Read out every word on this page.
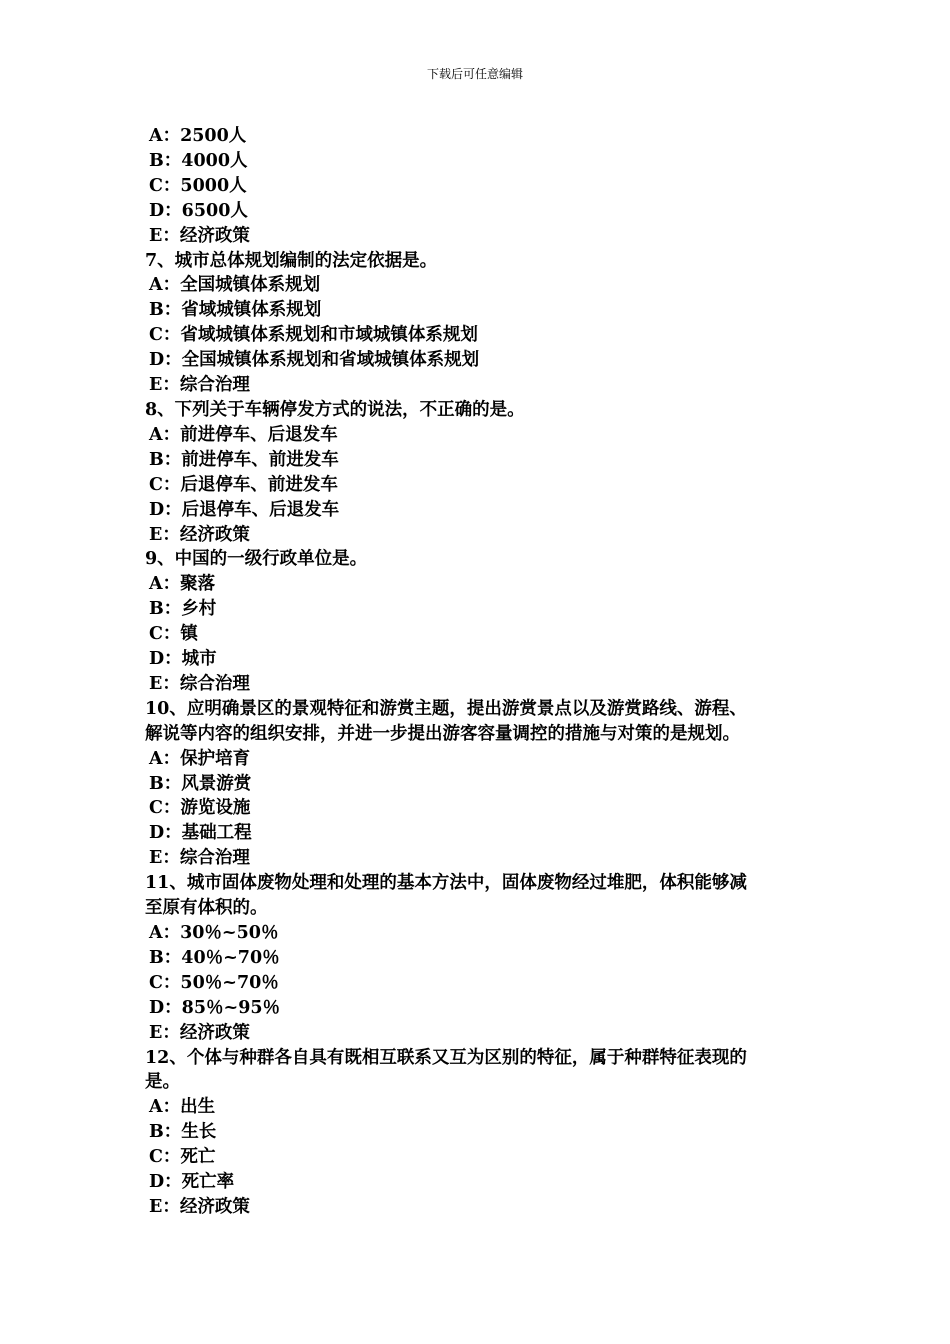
下载后可任意编辑
A：2500人
B：4000人
C：5000人
D：6500人
E：经济政策
7、城市总体规划编制的法定依据是。
A：全国城镇体系规划
B：省域城镇体系规划
C：省域城镇体系规划和市域城镇体系规划
D：全国城镇体系规划和省域城镇体系规划
E：综合治理
8、下列关于车辆停发方式的说法，不正确的是。
A：前进停车、后退发车
B：前进停车、前进发车
C：后退停车、前进发车
D：后退停车、后退发车
E：经济政策
9、中国的一级行政单位是。
A：聚落
B：乡村
C：镇
D：城市
E：综合治理
10、应明确景区的景观特征和游赏主题，提出游赏景点以及游赏路线、游程、
解说等内容的组织安排，并进一步提出游客容量调控的措施与对策的是规划。
A：保护培育
B：风景游赏
C：游览设施
D：基础工程
E：综合治理
11、城市固体废物处理和处理的基本方法中，固体废物经过堆肥，体积能够减
至原有体积的。
A：30％~50％
B：40％~70％
C：50％~70％
D：85％~95％
E：经济政策
12、个体与种群各自具有既相互联系又互为区别的特征，属于种群特征表现的
是。
A：出生
B：生长
C：死亡
D：死亡率
E：经济政策
